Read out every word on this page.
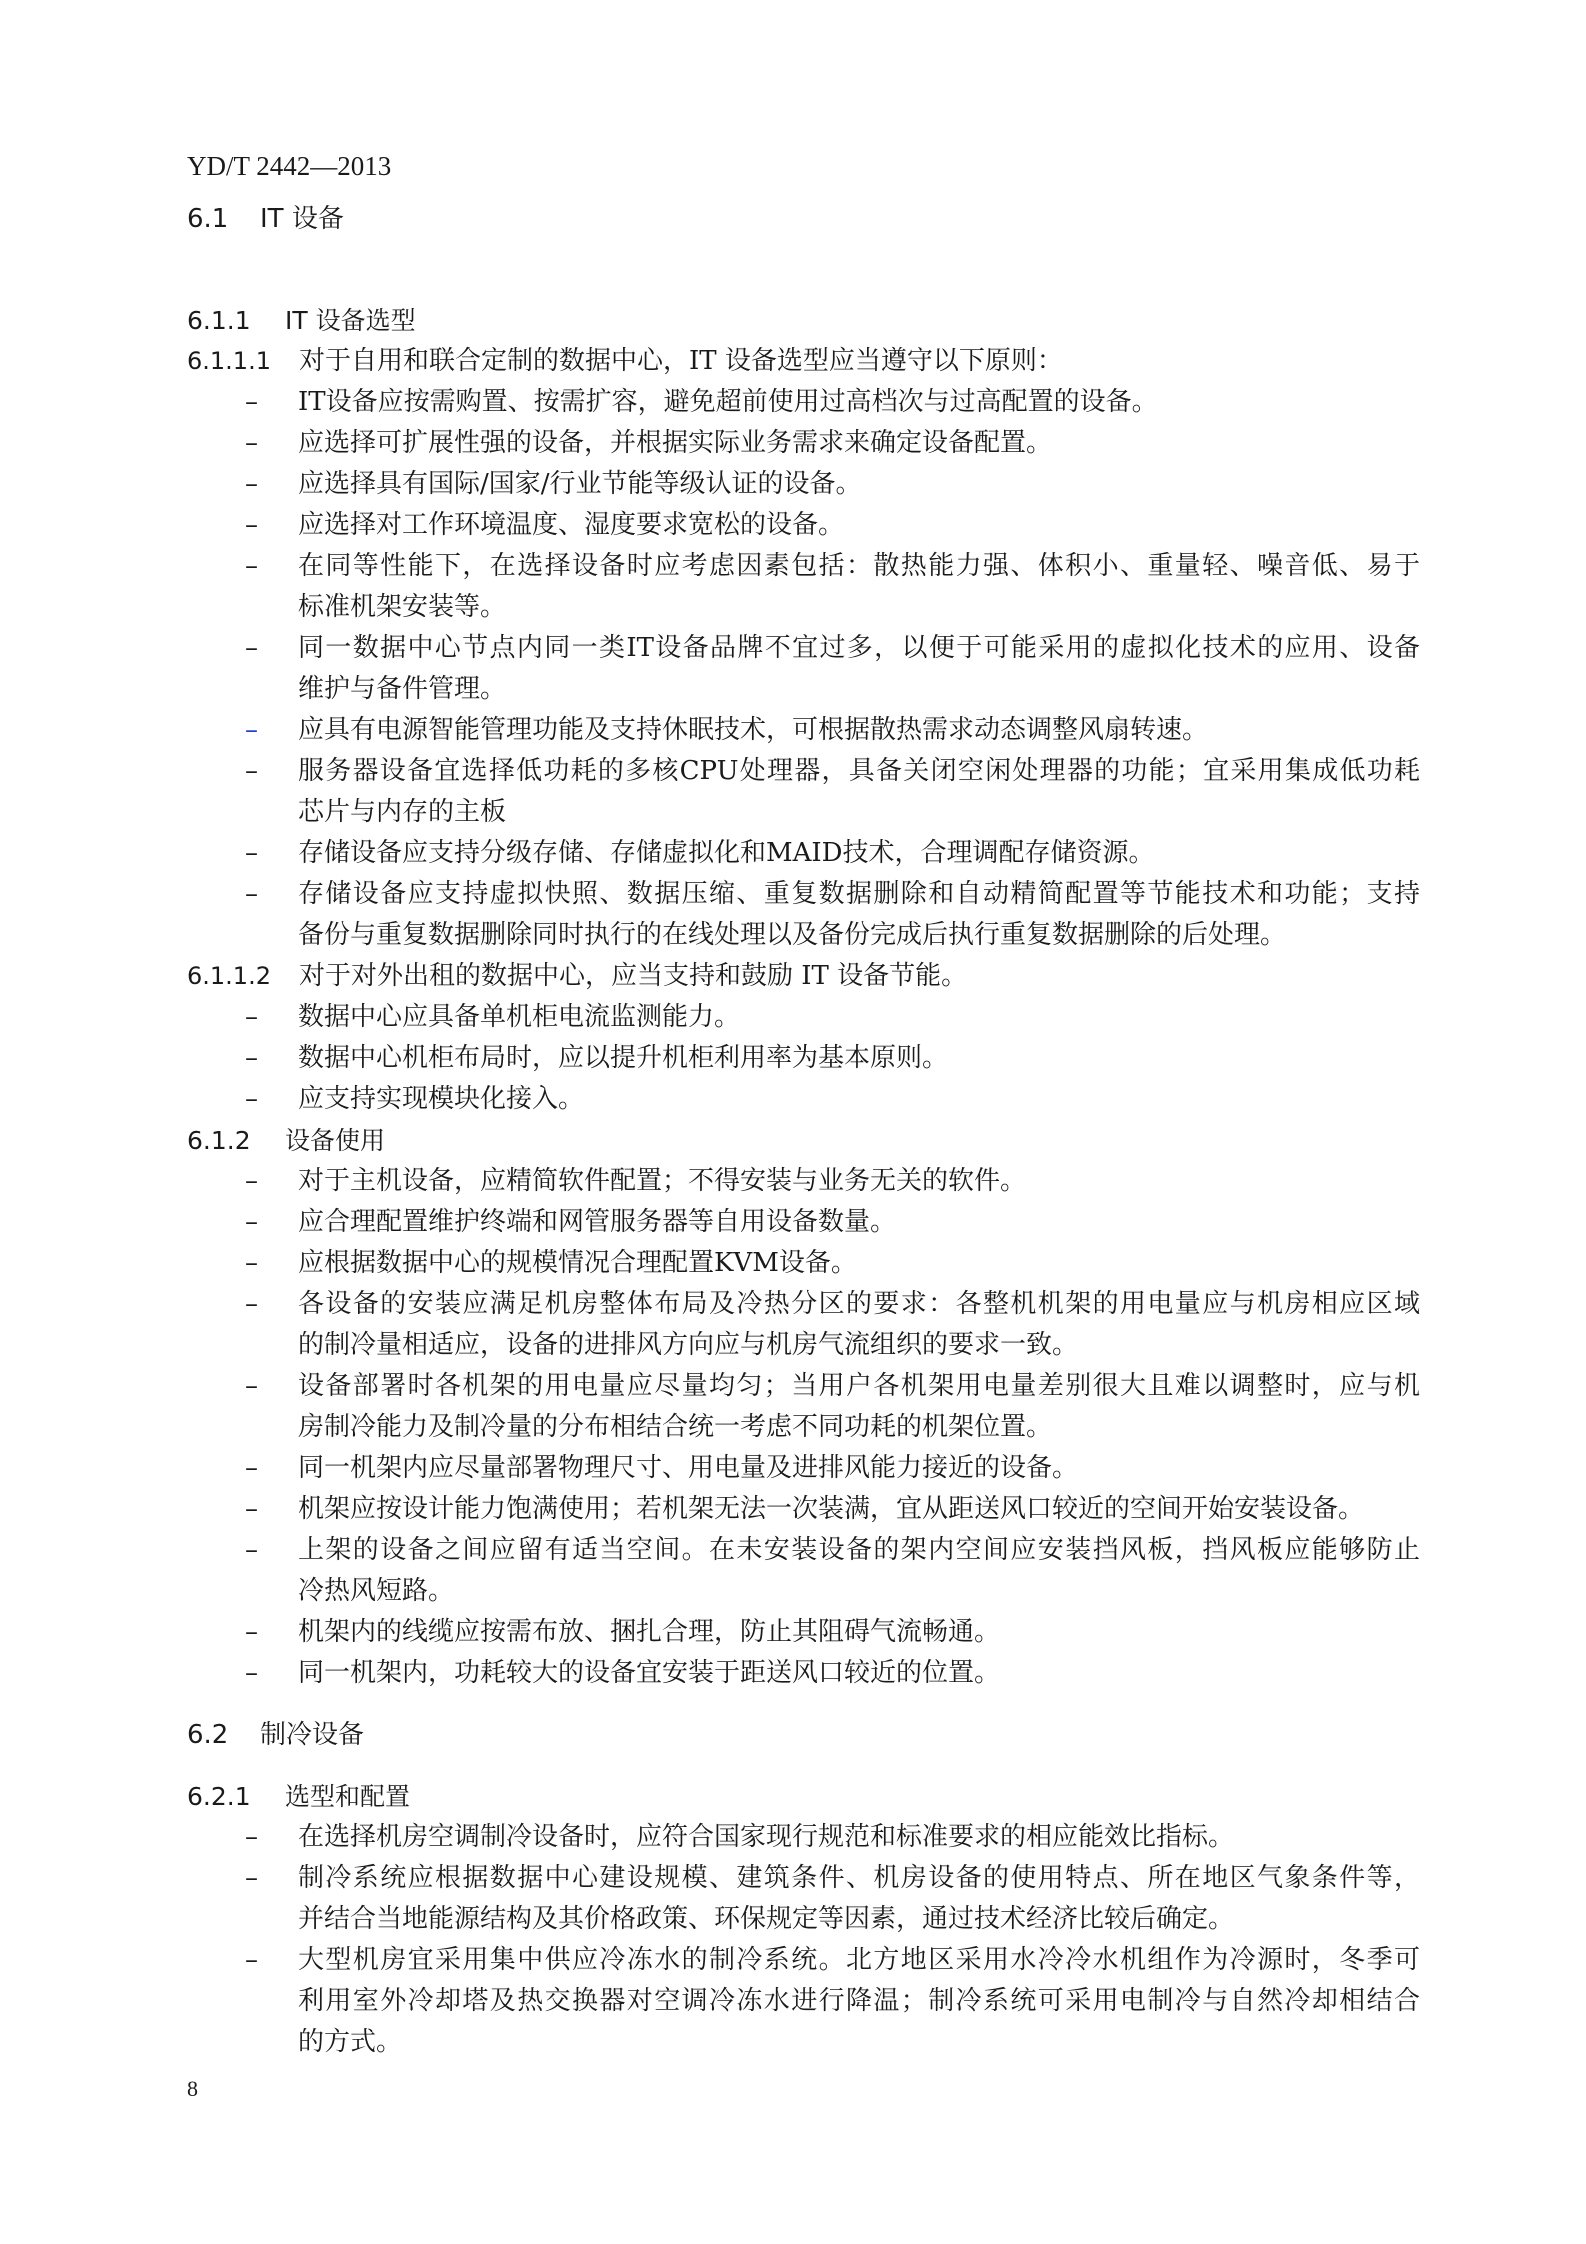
YD/T 2442—2013
6.1 IT 设备
6.1.1 IT 设备选型
6.1.1.1 对于自用和联合定制的数据中心，IT 设备选型应当遵守以下原则：
–	IT设备应按需购置、按需扩容，避免超前使用过高档次与过高配置的设备。
–	应选择可扩展性强的设备，并根据实际业务需求来确定设备配置。
–	应选择具有国际/国家/行业节能等级认证的设备。
–	应选择对工作环境温度、湿度要求宽松的设备。
–	在同等性能下，在选择设备时应考虑因素包括：散热能力强、体积小、重量轻、噪音低、易于
标准机架安装等。
–	同一数据中心节点内同一类IT设备品牌不宜过多，以便于可能采用的虚拟化技术的应用、设备
维护与备件管理。
–	应具有电源智能管理功能及支持休眠技术，可根据散热需求动态调整风扇转速。
–	服务器设备宜选择低功耗的多核CPU处理器，具备关闭空闲处理器的功能；宜采用集成低功耗
芯片与内存的主板
–	存储设备应支持分级存储、存储虚拟化和MAID技术，合理调配存储资源。
–	存储设备应支持虚拟快照、数据压缩、重复数据删除和自动精简配置等节能技术和功能；支持
备份与重复数据删除同时执行的在线处理以及备份完成后执行重复数据删除的后处理。
6.1.1.2 对于对外出租的数据中心，应当支持和鼓励 IT 设备节能。
–	数据中心应具备单机柜电流监测能力。
–	数据中心机柜布局时，应以提升机柜利用率为基本原则。
–	应支持实现模块化接入。
6.1.2 设备使用
–	对于主机设备，应精简软件配置；不得安装与业务无关的软件。
–	应合理配置维护终端和网管服务器等自用设备数量。
–	应根据数据中心的规模情况合理配置KVM设备。
–	各设备的安装应满足机房整体布局及冷热分区的要求：各整机机架的用电量应与机房相应区域
的制冷量相适应，设备的进排风方向应与机房气流组织的要求一致。
–	设备部署时各机架的用电量应尽量均匀；当用户各机架用电量差别很大且难以调整时，应与机
房制冷能力及制冷量的分布相结合统一考虑不同功耗的机架位置。
–	同一机架内应尽量部署物理尺寸、用电量及进排风能力接近的设备。
–	机架应按设计能力饱满使用；若机架无法一次装满，宜从距送风口较近的空间开始安装设备。
–	上架的设备之间应留有适当空间。在未安装设备的架内空间应安装挡风板，挡风板应能够防止
冷热风短路。
–	机架内的线缆应按需布放、捆扎合理，防止其阻碍气流畅通。
–	同一机架内，功耗较大的设备宜安装于距送风口较近的位置。
6.2 制冷设备
6.2.1 选型和配置
–	在选择机房空调制冷设备时，应符合国家现行规范和标准要求的相应能效比指标。
–	制冷系统应根据数据中心建设规模、建筑条件、机房设备的使用特点、所在地区气象条件等，
并结合当地能源结构及其价格政策、环保规定等因素，通过技术经济比较后确定。
–	大型机房宜采用集中供应冷冻水的制冷系统。北方地区采用水冷冷水机组作为冷源时，冬季可
利用室外冷却塔及热交换器对空调冷冻水进行降温；制冷系统可采用电制冷与自然冷却相结合
的方式。
8
